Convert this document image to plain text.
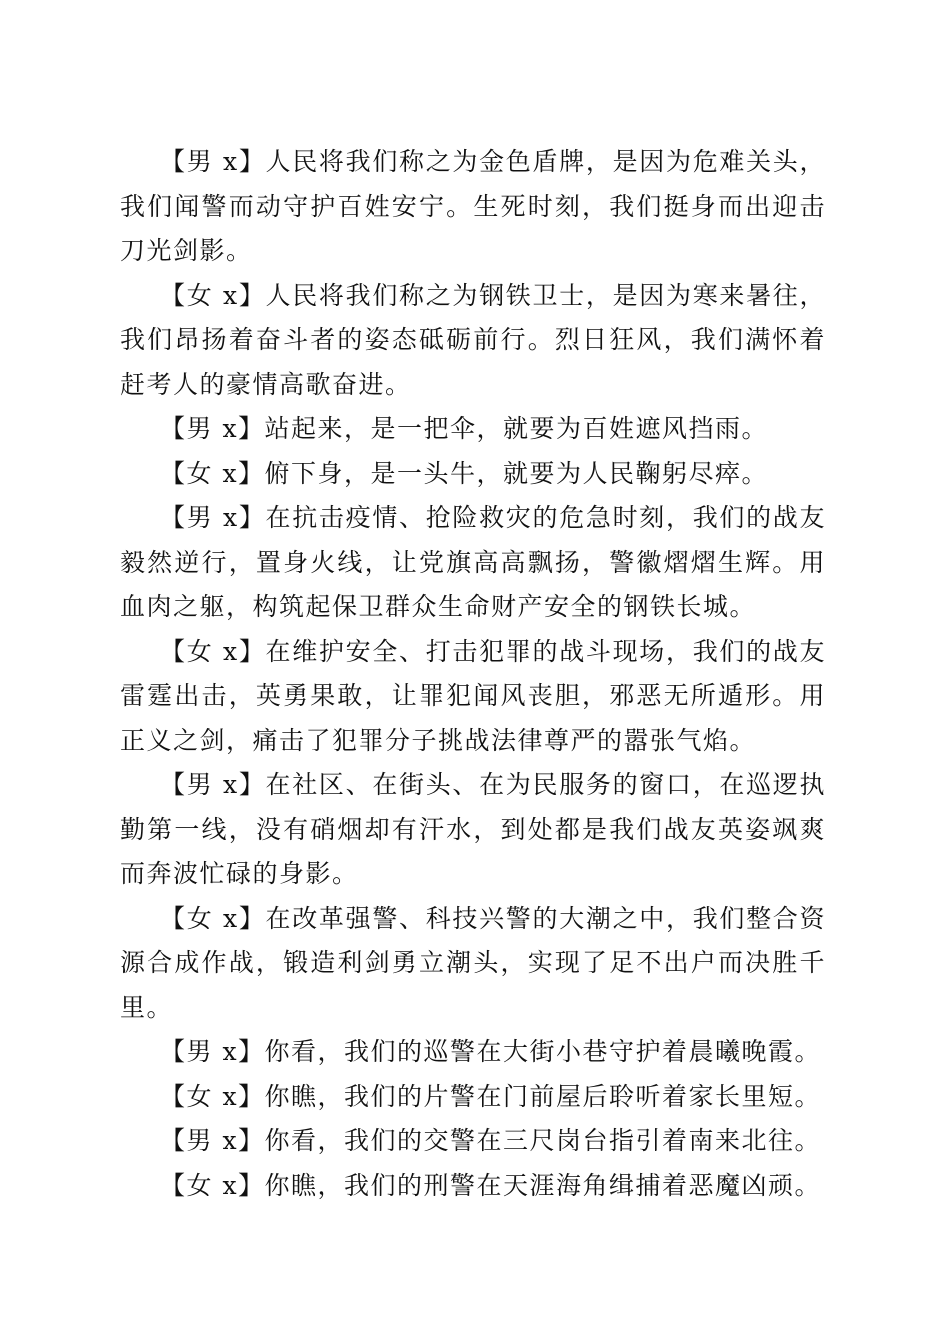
【男 x】人民将我们称之为金色盾牌，是因为危难关头，我们闻警而动守护百姓安宁。生死时刻，我们挺身而出迎击刀光剑影。

【女 x】人民将我们称之为钢铁卫士，是因为寒来暑往，我们昂扬着奋斗者的姿态砥砺前行。烈日狂风，我们满怀着赶考人的豪情高歌奋进。

【男 x】站起来，是一把伞，就要为百姓遮风挡雨。

【女 x】俯下身，是一头牛，就要为人民鞠躬尽瘁。

【男 x】在抗击疫情、抢险救灾的危急时刻，我们的战友毅然逆行，置身火线，让党旗高高飘扬，警徽熠熠生辉。用血肉之躯，构筑起保卫群众生命财产安全的钢铁长城。

【女 x】在维护安全、打击犯罪的战斗现场，我们的战友雷霆出击，英勇果敢，让罪犯闻风丧胆，邪恶无所遁形。用正义之剑，痛击了犯罪分子挑战法律尊严的嚣张气焰。

【男 x】在社区、在街头、在为民服务的窗口，在巡逻执勤第一线，没有硝烟却有汗水，到处都是我们战友英姿飒爽而奔波忙碌的身影。

【女 x】在改革强警、科技兴警的大潮之中，我们整合资源合成作战，锻造利剑勇立潮头，实现了足不出户而决胜千里。

【男 x】你看，我们的巡警在大街小巷守护着晨曦晚霞。

【女 x】你瞧，我们的片警在门前屋后聆听着家长里短。

【男 x】你看，我们的交警在三尺岗台指引着南来北往。

【女 x】你瞧，我们的刑警在天涯海角缉捕着恶魔凶顽。
